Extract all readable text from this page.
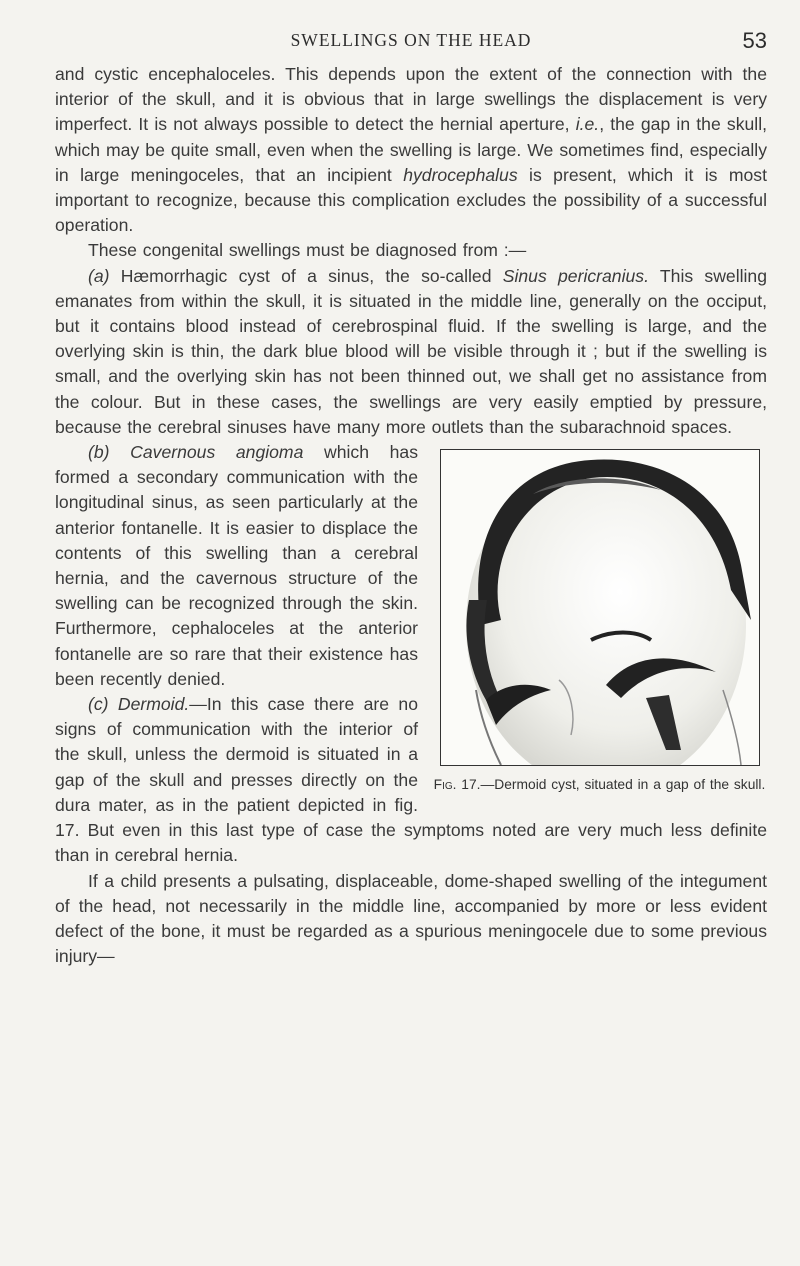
SWELLINGS ON THE HEAD	53

and cystic encephaloceles. This depends upon the extent of the connection with the interior of the skull, and it is obvious that in large swellings the displacement is very imperfect. It is not always possible to detect the hernial aperture, i.e., the gap in the skull, which may be quite small, even when the swelling is large. We sometimes find, especially in large meningoceles, that an incipient hydrocephalus is present, which it is most important to recognize, because this complication excludes the possibility of a successful operation.

These congenital swellings must be diagnosed from :—

(a) Hæmorrhagic cyst of a sinus, the so-called Sinus pericranius. This swelling emanates from within the skull, it is situated in the middle line, generally on the occiput, but it contains blood instead of cerebrospinal fluid. If the swelling is large, and the overlying skin is thin, the dark blue blood will be visible through it ; but if the swelling is small, and the overlying skin has not been thinned out, we shall get no assistance from the colour. But in these cases, the swellings are very easily emptied by pressure, because the cerebral sinuses have many more outlets than the subarachnoid spaces.

Fig. 17.—Dermoid cyst, situated in a gap of the skull.

(b) Cavernous angioma which has formed a secondary communication with the longitudinal sinus, as seen particularly at the anterior fontanelle. It is easier to displace the contents of this swelling than a cerebral hernia, and the cavernous structure of the swelling can be recognized through the skin. Furthermore, cephaloceles at the anterior fontanelle are so rare that their existence has been recently denied.

(c) Dermoid.—In this case there are no signs of communication with the interior of the skull, unless the dermoid is situated in a gap of the skull and presses directly on the dura mater, as in the patient depicted in fig. 17. But even in this last type of case the symptoms noted are very much less definite than in cerebral hernia.

If a child presents a pulsating, displaceable, dome-shaped swelling of the integument of the head, not necessarily in the middle line, accompanied by more or less evident defect of the bone, it must be regarded as a spurious meningocele due to some previous injury—
